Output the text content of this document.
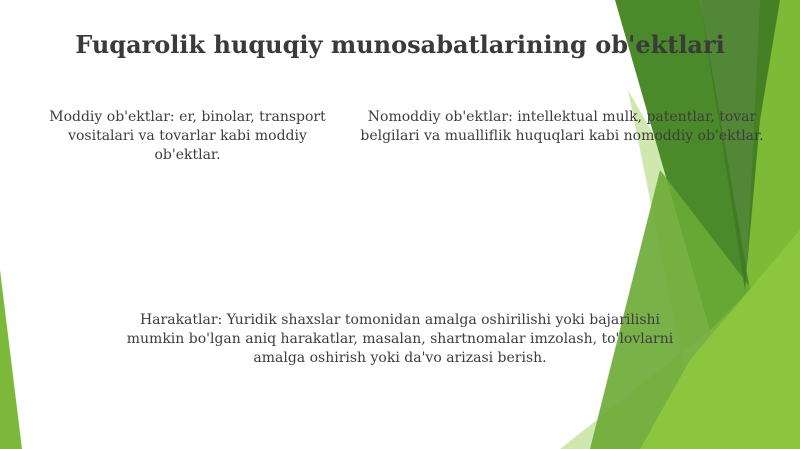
Fuqarolik huquqiy munosabatlarining ob'ektlari
Moddiy ob'ektlar: er, binolar, transport vositalari va tovarlar kabi moddiy ob'ektlar.
Nomoddiy ob'ektlar: intellektual mulk, patentlar, tovar belgilari va mualliflik huquqlari kabi nomoddiy ob'ektlar.
Harakatlar: Yuridik shaxslar tomonidan amalga oshirilishi yoki bajarilishi mumkin bo'lgan aniq harakatlar, masalan, shartnomalar imzolash, to'lovlarni amalga oshirish yoki da'vo arizasi berish.
